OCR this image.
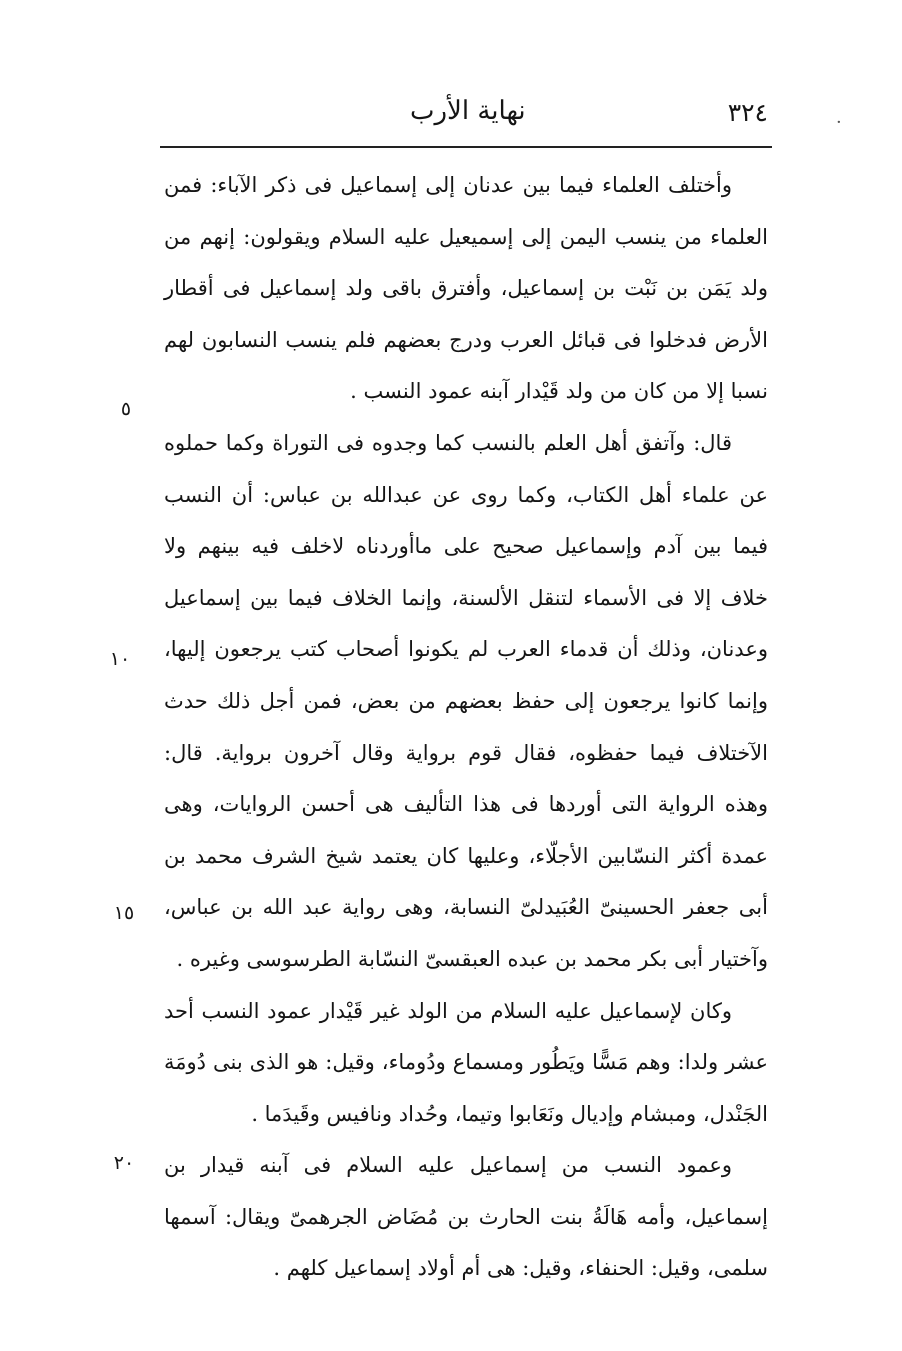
نهاية الأرب	٣٢٤

وأختلف العلماء فيما بين عدنان إلى إسماعيل فى ذكر الآباء: فمن العلماء من ينسب اليمن إلى إسميعيل عليه السلام ويقولون: إنهم من ولد يَمَن بن نَبْت بن إسماعيل، وأفترق باقى ولد إسماعيل فى أقطار الأرض فدخلوا فى قبائل العرب ودرج بعضهم فلم ينسب النسابون لهم نسبا إلا من كان من ولد قَيْدار آبنه عمود النسب .

قال: وآتفق أهل العلم بالنسب كما وجدوه فى التوراة وكما حملوه عن علماء أهل الكتاب، وكما روى عن عبدالله بن عباس: أن النسب فيما بين آدم وإسماعيل صحيح على ماأوردناه لاخلف فيه بينهم ولا خلاف إلا فى الأسماء لتنقل الألسنة، وإنما الخلاف فيما بين إسماعيل وعدنان، وذلك أن قدماء العرب لم يكونوا أصحاب كتب يرجعون إليها، وإنما كانوا يرجعون إلى حفظ بعضهم من بعض، فمن أجل ذلك حدث الآختلاف فيما حفظوه، فقال قوم برواية وقال آخرون برواية. قال: وهذه الرواية التى أوردها فى هذا التأليف هى أحسن الروايات، وهى عمدة أكثر النسّابين الأجلّاء، وعليها كان يعتمد شيخ الشرف محمد بن أبى جعفر الحسينىّ العُبَيدلىّ النسابة، وهى رواية عبد الله بن عباس، وآختيار أبى بكر محمد بن عبده العبقسىّ النسّابة الطرسوسى وغيره .

وكان لإسماعيل عليه السلام من الولد غير قَيْدار عمود النسب أحد عشر ولدا: وهم مَسًّا ويَطُور ومسماع ودُوماء، وقيل: هو الذى بنى دُومَة الجَنْدل، ومبشام وإديال ونَعَابوا وتيما، وحُداد ونافيس وقَيدَما .

وعمود النسب من إسماعيل عليه السلام فى آبنه قيدار بن إسماعيل، وأمه هَالَةُ بنت الحارث بن مُضَاض الجرهمىّ ويقال: آسمها سلمى، وقيل: الحنفاء، وقيل: هى أم أولاد إسماعيل كلهم .

٥
١٠
١٥
٢٠
·
